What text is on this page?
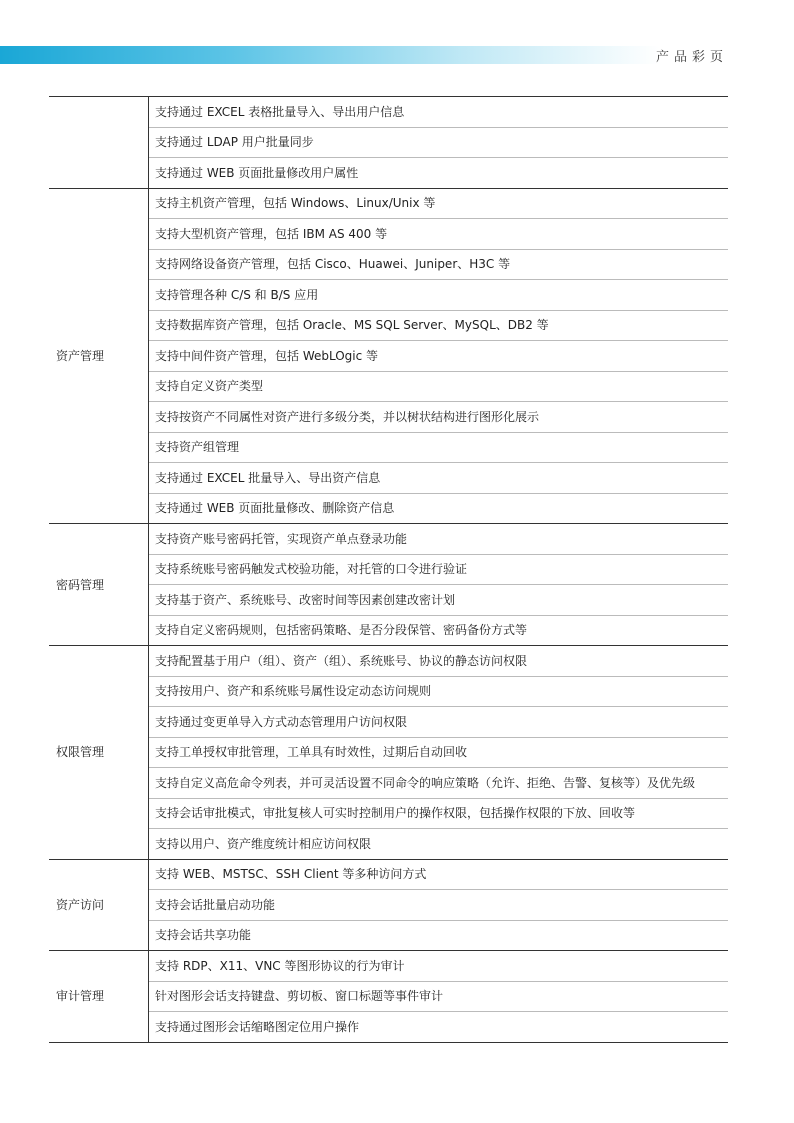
产品彩页
	支持通过 EXCEL 表格批量导入、导出用户信息
	支持通过 LDAP 用户批量同步
	支持通过 WEB 页面批量修改用户属性
资产管理	支持主机资产管理，包括 Windows、Linux/Unix 等
	支持大型机资产管理，包括 IBM AS 400 等
	支持网络设备资产管理，包括 Cisco、Huawei、Juniper、H3C 等
	支持管理各种 C/S 和 B/S 应用
	支持数据库资产管理，包括 Oracle、MS SQL Server、MySQL、DB2 等
	支持中间件资产管理，包括 WebLOgic 等
	支持自定义资产类型
	支持按资产不同属性对资产进行多级分类，并以树状结构进行图形化展示
	支持资产组管理
	支持通过 EXCEL 批量导入、导出资产信息
	支持通过 WEB 页面批量修改、删除资产信息
密码管理	支持资产账号密码托管，实现资产单点登录功能
	支持系统账号密码触发式校验功能，对托管的口令进行验证
	支持基于资产、系统账号、改密时间等因素创建改密计划
	支持自定义密码规则，包括密码策略、是否分段保管、密码备份方式等
权限管理	支持配置基于用户（组）、资产（组）、系统账号、协议的静态访问权限
	支持按用户、资产和系统账号属性设定动态访问规则
	支持通过变更单导入方式动态管理用户访问权限
	支持工单授权审批管理，工单具有时效性，过期后自动回收
	支持自定义高危命令列表，并可灵活设置不同命令的响应策略（允许、拒绝、告警、复核等）及优先级
	支持会话审批模式，审批复核人可实时控制用户的操作权限，包括操作权限的下放、回收等
	支持以用户、资产维度统计相应访问权限
资产访问	支持 WEB、MSTSC、SSH Client 等多种访问方式
	支持会话批量启动功能
	支持会话共享功能
审计管理	支持 RDP、X11、VNC 等图形协议的行为审计
	针对图形会话支持键盘、剪切板、窗口标题等事件审计
	支持通过图形会话缩略图定位用户操作
